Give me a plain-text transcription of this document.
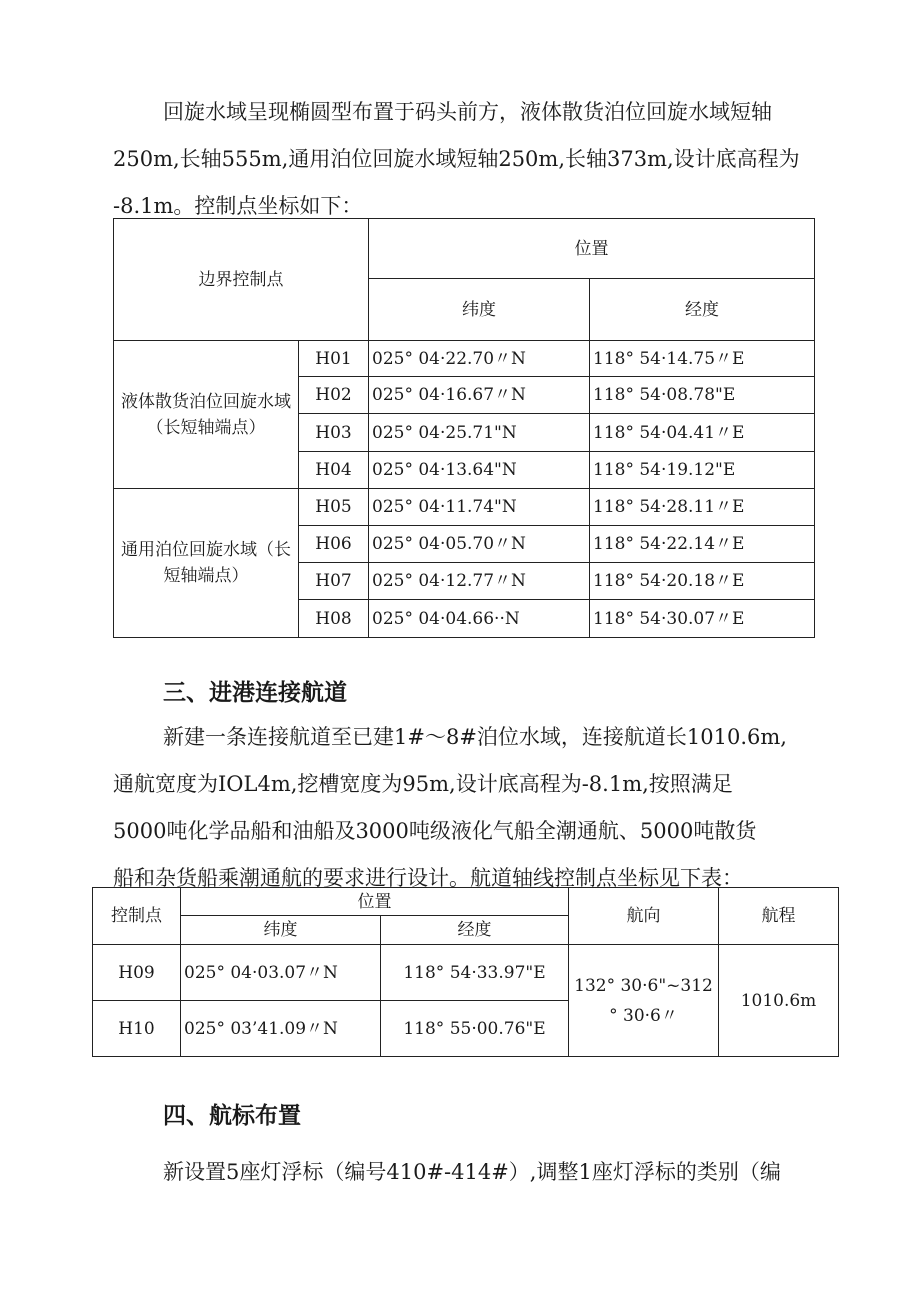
回旋水域呈现椭圆型布置于码头前方，液体散货泊位回旋水域短轴
250m,长轴555m,通用泊位回旋水域短轴250m,长轴373m,设计底高程为
-8.1m。控制点坐标如下：
边界控制点		位置	
		纬度	经度
液体散货泊位回旋水域（长短轴端点）	H01	025° 04·22.70〃N	118° 54·14.75〃E
	H02	025° 04·16.67〃N	118° 54·08.78"E
	H03	025° 04·25.71"N	118° 54·04.41〃E
	H04	025° 04·13.64"N	118° 54·19.12"E
通用泊位回旋水域（长短轴端点）	H05	025° 04·11.74"N	118° 54·28.11〃E
	H06	025° 04·05.70〃N	118° 54·22.14〃E
	H07	025° 04·12.77〃N	118° 54·20.18〃E
	H08	025° 04·04.66··N	118° 54·30.07〃E
三、进港连接航道
新建一条连接航道至已建1#～8#泊位水域，连接航道长1010.6m,
通航宽度为IOL4m,挖槽宽度为95m,设计底高程为-8.1m,按照满足
5000吨化学品船和油船及3000吨级液化气船全潮通航、5000吨散货
船和杂货船乘潮通航的要求进行设计。航道轴线控制点坐标见下表：
控制点	位置		航向	航程
	纬度	经度		
H09	025° 04·03.07〃N	118° 54·33.97"E	132° 30·6"~312
° 30·6〃	1010.6m
H10	025° 03’41.09〃N	118° 55·00.76"E		
四、航标布置
新设置5座灯浮标（编号410#-414#）,调整1座灯浮标的类别（编
